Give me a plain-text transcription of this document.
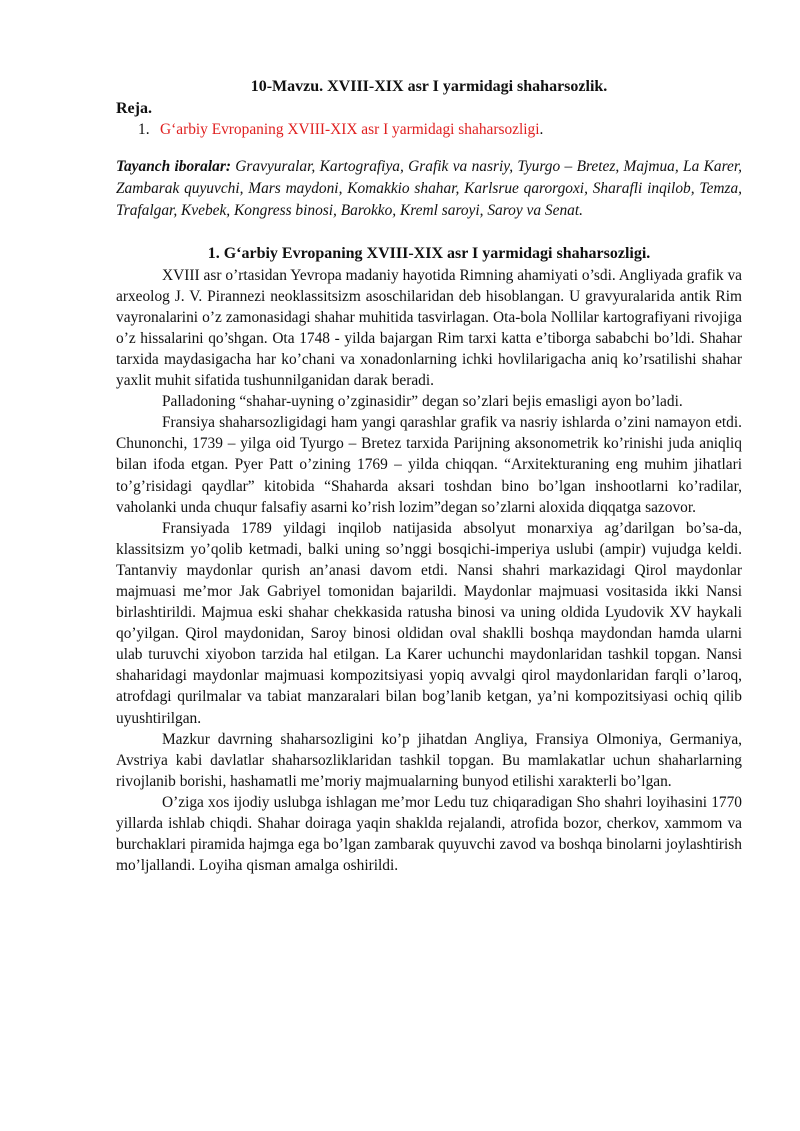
10-Mavzu. XVIII-XIX asr I yarmidagi shaharsozlik.

Reja.

1. G‘arbiy Evropaning XVIII-XIX asr I yarmidagi shaharsozligi.

Tayanch iboralar: Gravyuralar, Kartografiya, Grafik va nasriy, Tyurgo – Bretez, Majmua, La Karer, Zambarak quyuvchi, Mars maydoni, Komakkio shahar, Karlsrue qarorgoxi, Sharafli inqilob, Temza, Trafalgar, Kvebek, Kongress binosi, Barokko, Kreml saroyi, Saroy va Senat.

1. G‘arbiy Evropaning XVIII-XIX asr I yarmidagi shaharsozligi.

XVIII asr o’rtasidan Yevropa madaniy hayotida Rimning ahamiyati o’sdi. Angliyada grafik va arxeolog J. V. Pirannezi neoklassitsizm asoschilaridan deb hisoblangan. U gravyuralarida antik Rim vayronalarini o’z zamonasidagi shahar muhitida tasvirlagan. Ota-bola Nollilar kartografiyani rivojiga o’z hissalarini qo’shgan. Ota 1748 - yilda bajargan Rim tarxi katta e’tiborga sababchi bo’ldi. Shahar tarxida maydasigacha har ko’chani va xonadonlarning ichki hovlilarigacha aniq ko’rsatilishi shahar yaxlit muhit sifatida tushunnilganidan darak beradi.

Palladoning “shahar-uyning o’zginasidir” degan so’zlari bejis emasligi ayon bo’ladi.

Fransiya shaharsozligidagi ham yangi qarashlar grafik va nasriy ishlarda o’zini namayon etdi. Chunonchi, 1739 – yilga oid Tyurgo – Bretez tarxida Parijning aksonometrik ko’rinishi juda aniqliq bilan ifoda etgan. Pyer Patt o’zining 1769 – yilda chiqqan. “Arxitekturaning eng muhim jihatlari to’g’risidagi qaydlar” kitobida “Shaharda aksari toshdan bino bo’lgan inshootlarni ko’radilar, vaholanki unda chuqur falsafiy asarni ko’rish lozim”degan so’zlarni aloxida diqqatga sazovor.

Fransiyada 1789 yildagi inqilob natijasida absolyut monarxiya ag’darilgan bo’sa-da, klassitsizm yo’qolib ketmadi, balki uning so’nggi bosqichi-imperiya uslubi (ampir) vujudga keldi. Tantanviy maydonlar qurish an’anasi davom etdi. Nansi shahri markazidagi Qirol maydonlar majmuasi me’mor Jak Gabriyel tomonidan bajarildi. Maydonlar majmuasi vositasida ikki Nansi birlashtirildi. Majmua eski shahar chekkasida ratusha binosi va uning oldida Lyudovik XV haykali qo’yilgan. Qirol maydonidan, Saroy binosi oldidan oval shaklli boshqa maydondan hamda ularni ulab turuvchi xiyobon tarzida hal etilgan. La Karer uchunchi maydonlaridan tashkil topgan. Nansi shaharidagi maydonlar majmuasi kompozitsiyasi yopiq avvalgi qirol maydonlaridan farqli o’laroq, atrofdagi qurilmalar va tabiat manzaralari bilan bog’lanib ketgan, ya’ni kompozitsiyasi ochiq qilib uyushtirilgan.

Mazkur davrning shaharsozligini ko’p jihatdan Angliya, Fransiya Olmoniya, Germaniya, Avstriya kabi davlatlar shaharsozliklaridan tashkil topgan. Bu mamlakatlar uchun shaharlarning rivojlanib borishi, hashamatli me’moriy majmualarning bunyod etilishi xarakterli bo’lgan.

O’ziga xos ijodiy uslubga ishlagan me’mor Ledu tuz chiqaradigan Sho shahri loyihasini 1770 yillarda ishlab chiqdi. Shahar doiraga yaqin shaklda rejalandi, atrofida bozor, cherkov, xammom va burchaklari piramida hajmga ega bo’lgan zambarak quyuvchi zavod va boshqa binolarni joylashtirish mo’ljallandi. Loyiha qisman amalga oshirildi.
